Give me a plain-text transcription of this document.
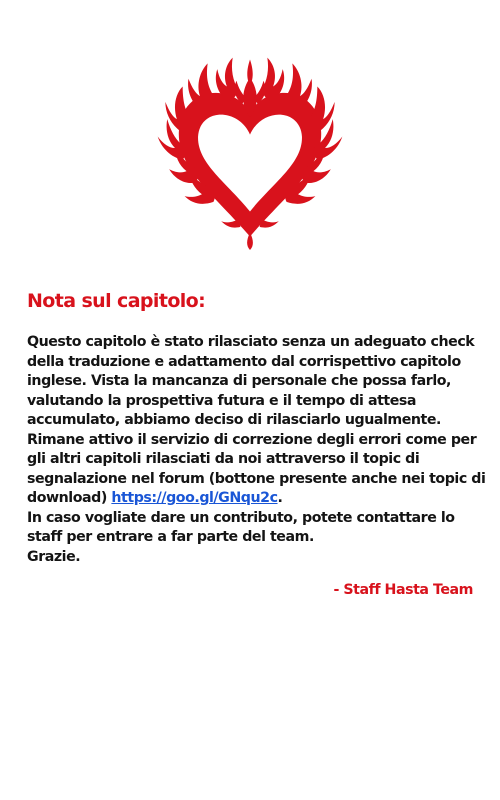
Nota sul capitolo:

Questo capitolo è stato rilasciato senza un adeguato check

della traduzione e adattamento dal corrispettivo capitolo

inglese. Vista la mancanza di personale che possa farlo,

valutando la prospettiva futura e il tempo di attesa

accumulato, abbiamo deciso di rilasciarlo ugualmente.

Rimane attivo il servizio di correzione degli errori come per

gli altri capitoli rilasciati da noi attraverso il topic di

segnalazione nel forum (bottone presente anche nei topic di

download) https://goo.gl/GNqu2c.

In caso vogliate dare un contributo, potete contattare lo

staff per entrare a far parte del team.

Grazie.

- Staff Hasta Team
